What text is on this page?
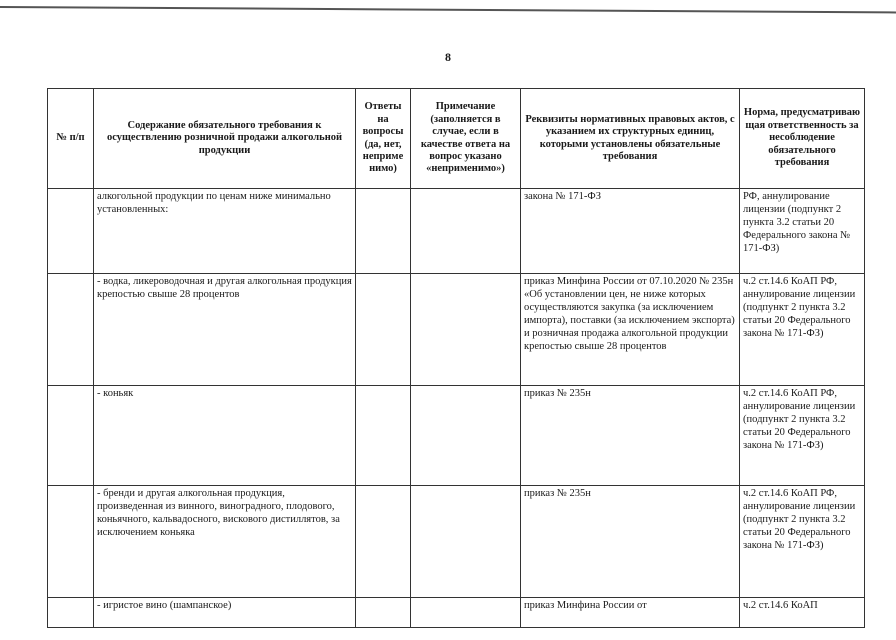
8
№ п/п	Содержание обязательного требования к осуществлению розничной продажи алкогольной продукции	Ответы на вопросы (да, нет, неприме нимо)	Примечание (заполняется в случае, если в качестве ответа на вопрос указано «неприменимо»)	Реквизиты нормативных правовых актов, с указанием их структурных единиц, которыми установлены обязательные требования	Норма, предусматриваю щая ответственность за несоблюдение обязательного требования
	алкогольной продукции по ценам ниже минимально установленных:			закона № 171-ФЗ	РФ, аннулирование лицензии (подпункт 2 пункта 3.2 статьи 20 Федерального закона № 171-ФЗ)
	- водка, ликероводочная и другая алкогольная продукция крепостью свыше 28 процентов			приказ Минфина России от 07.10.2020 № 235н «Об установлении цен, не ниже которых осуществляются закупка (за исключением импорта), поставки (за исключением экспорта) и розничная продажа алкогольной продукции крепостью свыше 28 процентов	ч.2 ст.14.6 КоАП РФ, аннулирование лицензии (подпункт 2 пункта 3.2 статьи 20 Федерального закона № 171-ФЗ)
	- коньяк			приказ № 235н	ч.2 ст.14.6 КоАП РФ, аннулирование лицензии (подпункт 2 пункта 3.2 статьи 20 Федерального закона № 171-ФЗ)
	- бренди и другая алкогольная продукция, произведенная из винного, виноградного, плодового, коньячного, кальвадосного, вискового дистиллятов, за исключением коньяка			приказ № 235н	ч.2 ст.14.6 КоАП РФ, аннулирование лицензии (подпункт 2 пункта 3.2 статьи 20 Федерального закона № 171-ФЗ)
	- игристое вино (шампанское)			приказ Минфина России от	ч.2 ст.14.6 КоАП
